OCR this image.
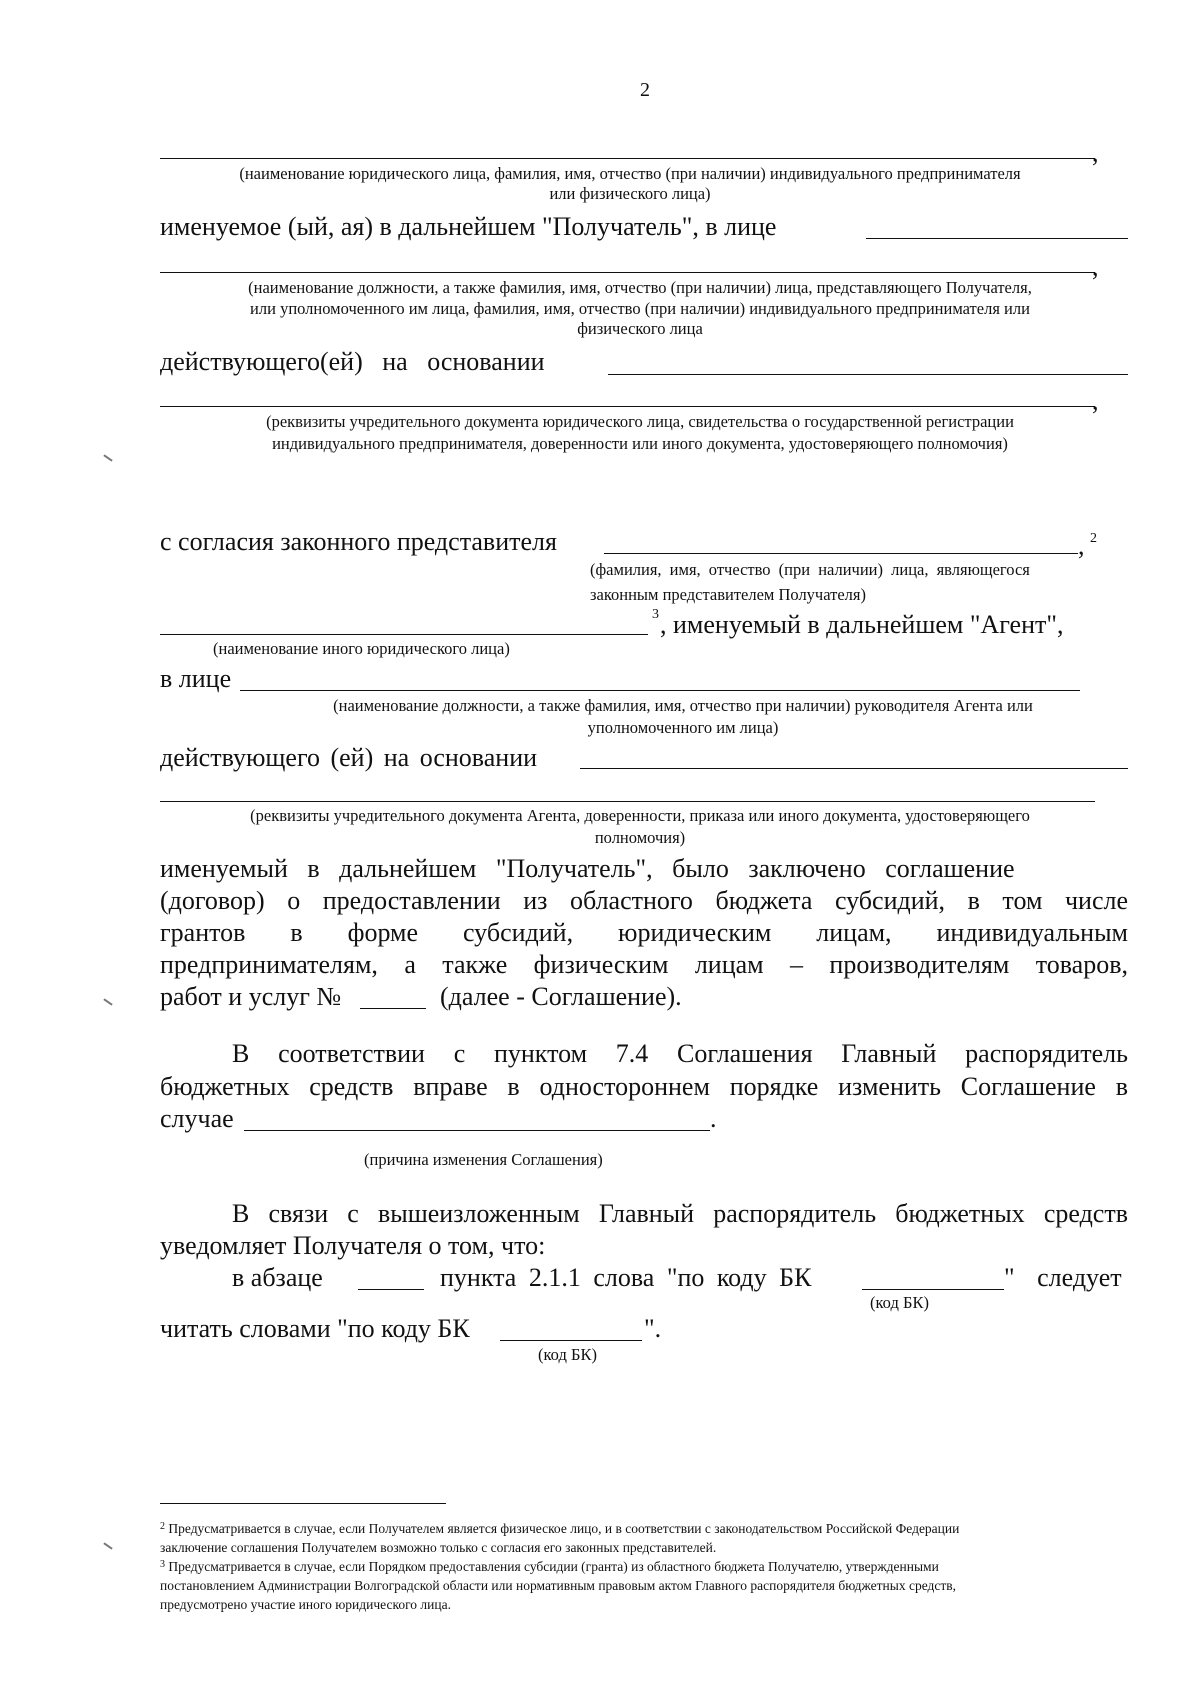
2
,
(наименование юридического лица, фамилия, имя, отчество (при наличии) индивидуального предпринимателя
или физического лица)
именуемое (ый, ая) в дальнейшем "Получатель", в лице
,
(наименование должности, а также фамилия, имя, отчество (при наличии) лица, представляющего Получателя,
или уполномоченного им лица, фамилия, имя, отчество (при наличии) индивидуального предпринимателя или
физического лица
действующего(ей)   на   основании
,
(реквизиты учредительного документа юридического лица, свидетельства о государственной регистрации
индивидуального предпринимателя, доверенности или иного документа, удостоверяющего полномочия)
с согласия законного представителя	, 2
(фамилия, имя, отчество (при наличии) лица, являющегося
законным представителем Получателя)
3 , именуемый в дальнейшем "Агент",
(наименование иного юридического лица)
в лице
(наименование должности, а также фамилия, имя, отчество при наличии) руководителя Агента или
уполномоченного им лица)
действующего (ей) на основании
(реквизиты учредительного документа Агента, доверенности, приказа или иного документа, удостоверяющего
полномочия)
именуемый   в   дальнейшем   "Получатель",   было   заключено   соглашение
(договор) о предоставлении из областного бюджета субсидий, в том числе
грантов в форме субсидий, юридическим лицам, индивидуальным
предпринимателям, а также физическим лицам – производителям товаров,
работ и услуг №	(далее - Соглашение).
В соответствии с пунктом 7.4 Соглашения Главный распорядитель
бюджетных средств вправе в одностороннем порядке изменить Соглашение в
случае	.
(причина изменения Соглашения)
В связи с вышеизложенным Главный распорядитель бюджетных средств
уведомляет Получателя о том, что:
в абзаце	пункта 2.1.1 слова "по коду БК	" следует
(код БК)
читать словами "по коду БК	".
(код БК)
$^2$ Предусматривается в случае, если Получателем является физическое лицо, и в соответствии с законодательством Российской Федерации
заключение соглашения Получателем возможно только с согласия его законных представителей.
$^3$ Предусматривается в случае, если Порядком предоставления субсидии (гранта) из областного бюджета Получателю, утвержденными
постановлением Администрации Волгоградской области или нормативным правовым актом Главного распорядителя бюджетных средств,
предусмотрено участие иного юридического лица.
